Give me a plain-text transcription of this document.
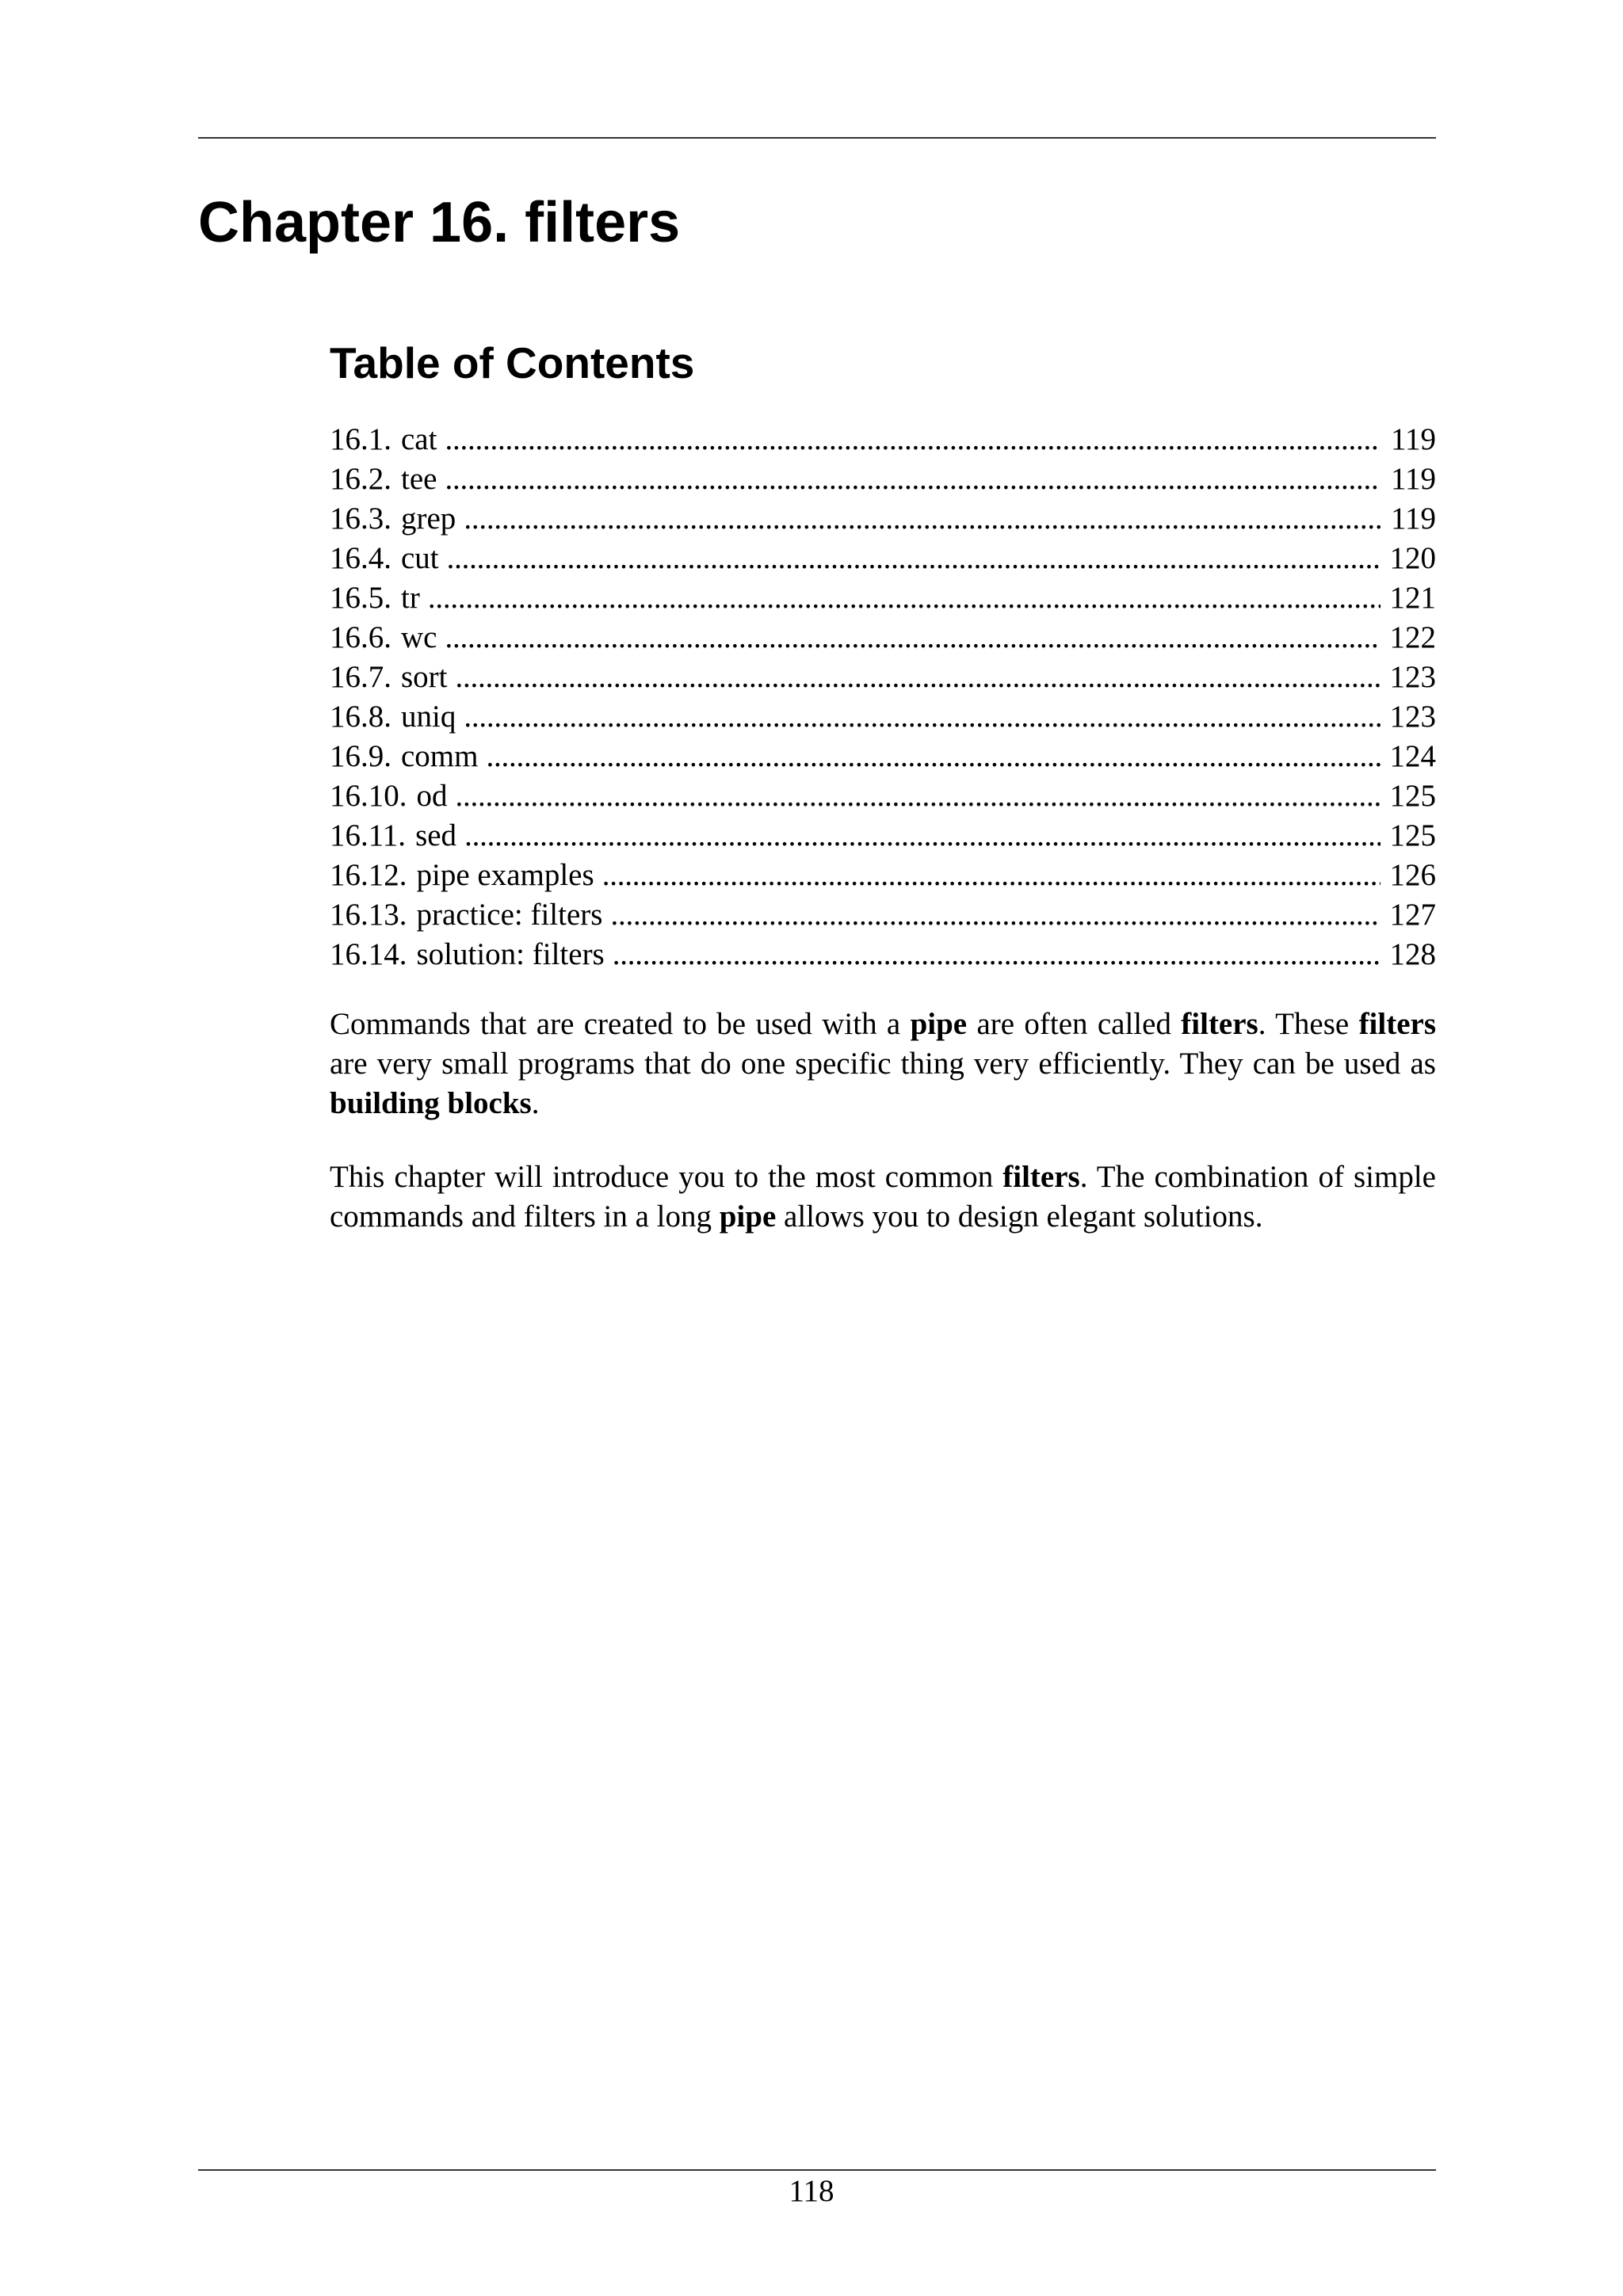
Chapter 16. filters
Table of Contents
16.1. cat . . .	119
16.2. tee . . .	119
16.3. grep . . .	119
16.4. cut . . .	120
16.5. tr . . .	121
16.6. wc . . .	122
16.7. sort . . .	123
16.8. uniq . . .	123
16.9. comm . . .	124
16.10. od . . .	125
16.11. sed . . .	125
16.12. pipe examples . . .	126
16.13. practice: filters . . .	127
16.14. solution: filters . . .	128

Commands that are created to be used with a pipe are often called filters. These filters are very small programs that do one specific thing very efficiently. They can be used as building blocks.

This chapter will introduce you to the most common filters. The combination of simple commands and filters in a long pipe allows you to design elegant solutions.

118
